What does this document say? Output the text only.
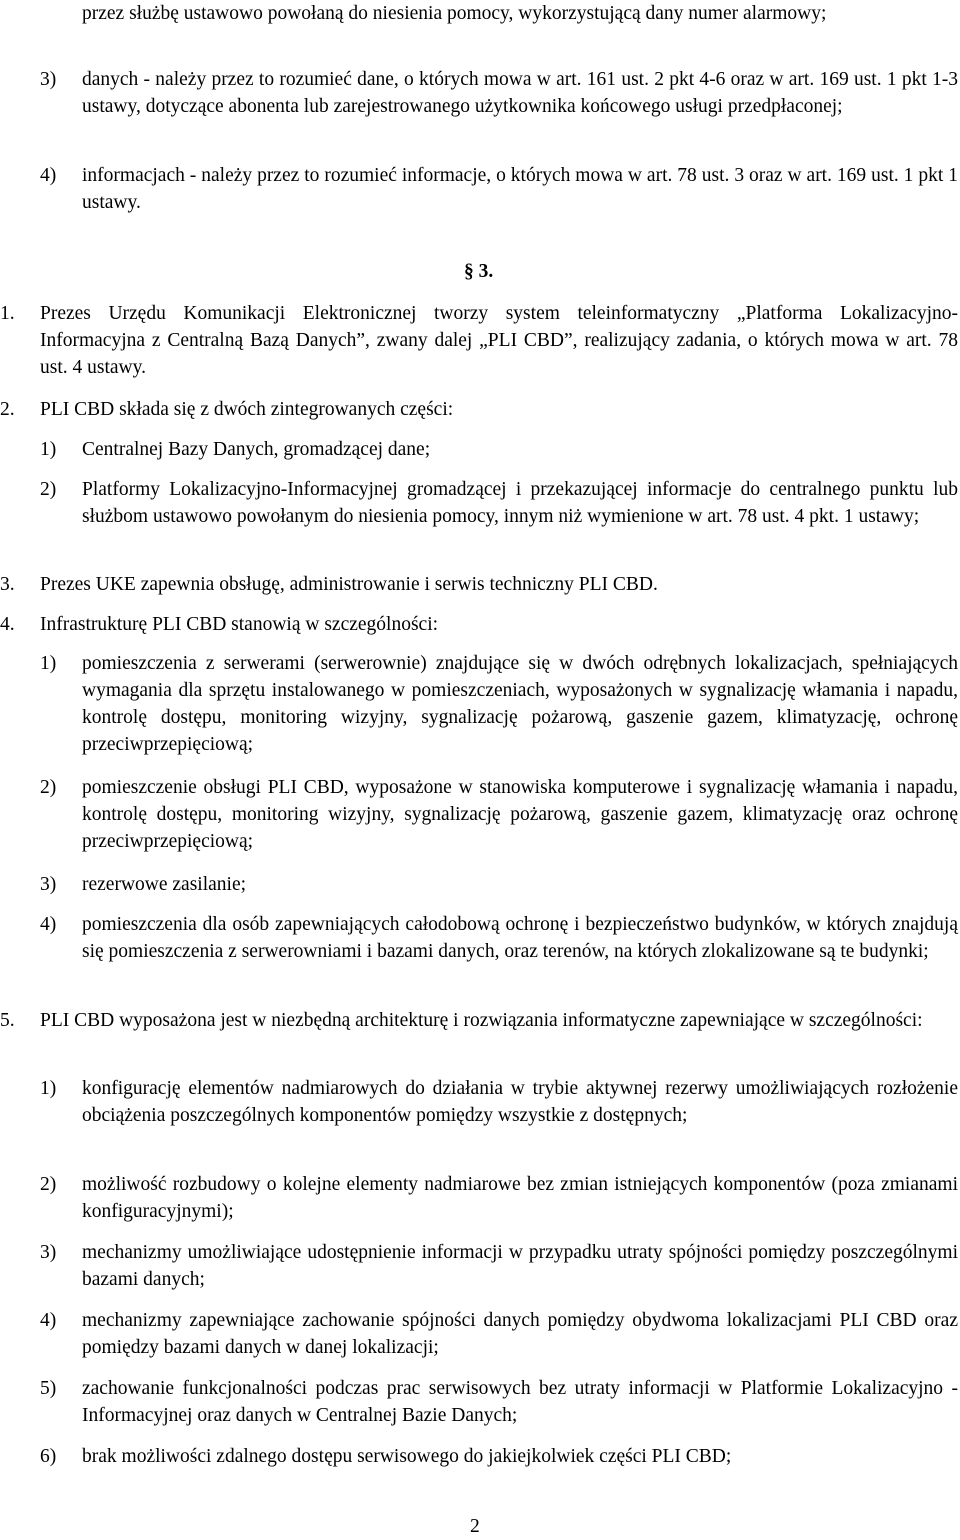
przez służbę ustawowo powołaną do niesienia pomocy, wykorzystującą dany numer alarmowy;
3) danych - należy przez to rozumieć dane, o których mowa w art. 161 ust. 2 pkt 4-6 oraz w art. 169 ust. 1 pkt 1-3 ustawy, dotyczące abonenta lub zarejestrowanego użytkownika końcowego usługi przedpłaconej;
4) informacjach - należy przez to rozumieć informacje, o których mowa w art. 78 ust. 3 oraz w art. 169 ust. 1 pkt 1 ustawy.
§ 3.
1. Prezes Urzędu Komunikacji Elektronicznej tworzy system teleinformatyczny „Platforma Lokalizacyjno-Informacyjna z Centralną Bazą Danych”, zwany dalej „PLI CBD”, realizujący zadania, o których mowa w art. 78 ust. 4 ustawy.
2. PLI CBD składa się z dwóch zintegrowanych części:
1) Centralnej Bazy Danych, gromadzącej dane;
2) Platformy Lokalizacyjno-Informacyjnej gromadzącej i przekazującej informacje do centralnego punktu lub służbom ustawowo powołanym do niesienia pomocy, innym niż wymienione w art. 78 ust. 4 pkt. 1 ustawy;
3. Prezes UKE zapewnia obsługę, administrowanie i serwis techniczny PLI CBD.
4. Infrastrukturę PLI CBD stanowią w szczególności:
1) pomieszczenia z serwerami (serwerownie) znajdujące się w dwóch odrębnych lokalizacjach, spełniających wymagania dla sprzętu instalowanego w pomieszczeniach, wyposażonych w sygnalizację włamania i napadu, kontrolę dostępu, monitoring wizyjny, sygnalizację pożarową, gaszenie gazem, klimatyzację, ochronę przeciwprzepięciową;
2) pomieszczenie obsługi PLI CBD, wyposażone w stanowiska komputerowe i sygnalizację włamania i napadu, kontrolę dostępu, monitoring wizyjny, sygnalizację pożarową, gaszenie gazem, klimatyzację oraz ochronę przeciwprzepięciową;
3) rezerwowe zasilanie;
4) pomieszczenia dla osób zapewniających całodobową ochronę i bezpieczeństwo budynków, w których znajdują się pomieszczenia z serwerowniami i bazami danych, oraz terenów, na których zlokalizowane są te budynki;
5. PLI CBD wyposażona jest w niezbędną architekturę i rozwiązania informatyczne zapewniające w szczególności:
1) konfigurację elementów nadmiarowych do działania w trybie aktywnej rezerwy umożliwiających rozłożenie obciążenia poszczególnych komponentów pomiędzy wszystkie z dostępnych;
2) możliwość rozbudowy o kolejne elementy nadmiarowe bez zmian istniejących komponentów (poza zmianami konfiguracyjnymi);
3) mechanizmy umożliwiające udostępnienie informacji w przypadku utraty spójności pomiędzy poszczególnymi bazami danych;
4) mechanizmy zapewniające zachowanie spójności danych pomiędzy obydwoma lokalizacjami PLI CBD oraz pomiędzy bazami danych w danej lokalizacji;
5) zachowanie funkcjonalności podczas prac serwisowych bez utraty informacji w Platformie Lokalizacyjno - Informacyjnej oraz danych w Centralnej Bazie Danych;
6) brak możliwości zdalnego dostępu serwisowego do jakiejkolwiek części PLI CBD;
2
